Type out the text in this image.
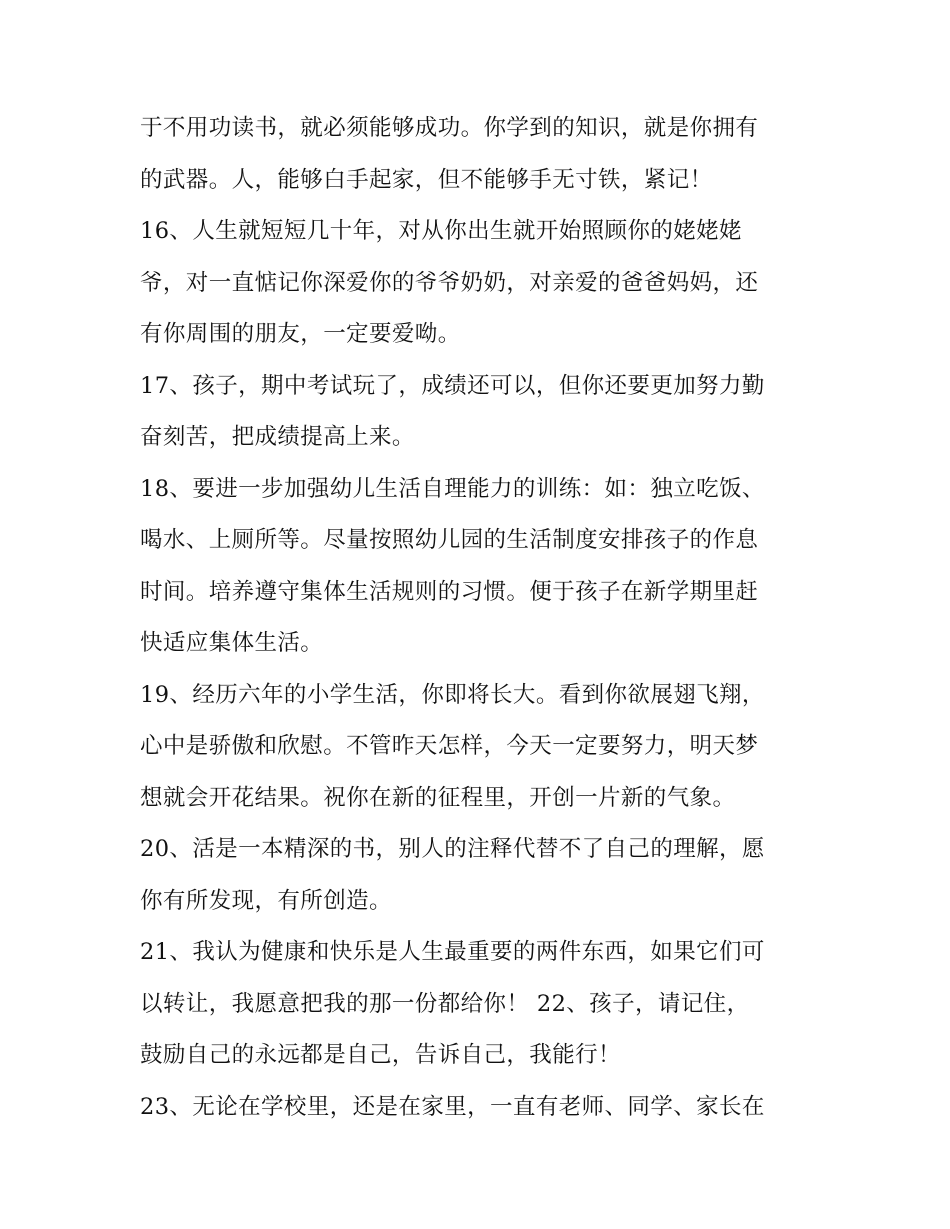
于不用功读书，就必须能够成功。你学到的知识，就是你拥有
的武器。人，能够白手起家，但不能够手无寸铁，紧记！
16、人生就短短几十年，对从你出生就开始照顾你的姥姥姥
爷，对一直惦记你深爱你的爷爷奶奶，对亲爱的爸爸妈妈，还
有你周围的朋友，一定要爱呦。
17、孩子，期中考试玩了，成绩还可以，但你还要更加努力勤
奋刻苦，把成绩提高上来。
18、要进一步加强幼儿生活自理能力的训练：如：独立吃饭、
喝水、上厕所等。尽量按照幼儿园的生活制度安排孩子的作息
时间。培养遵守集体生活规则的习惯。便于孩子在新学期里赶
快适应集体生活。
19、经历六年的小学生活，你即将长大。看到你欲展翅飞翔，
心中是骄傲和欣慰。不管昨天怎样，今天一定要努力，明天梦
想就会开花结果。祝你在新的征程里，开创一片新的气象。
20、活是一本精深的书，别人的注释代替不了自己的理解，愿
你有所发现，有所创造。
21、我认为健康和快乐是人生最重要的两件东西，如果它们可
以转让，我愿意把我的那一份都给你！ 22、孩子，请记住，
鼓励自己的永远都是自己，告诉自己，我能行！
23、无论在学校里，还是在家里，一直有老师、同学、家长在
